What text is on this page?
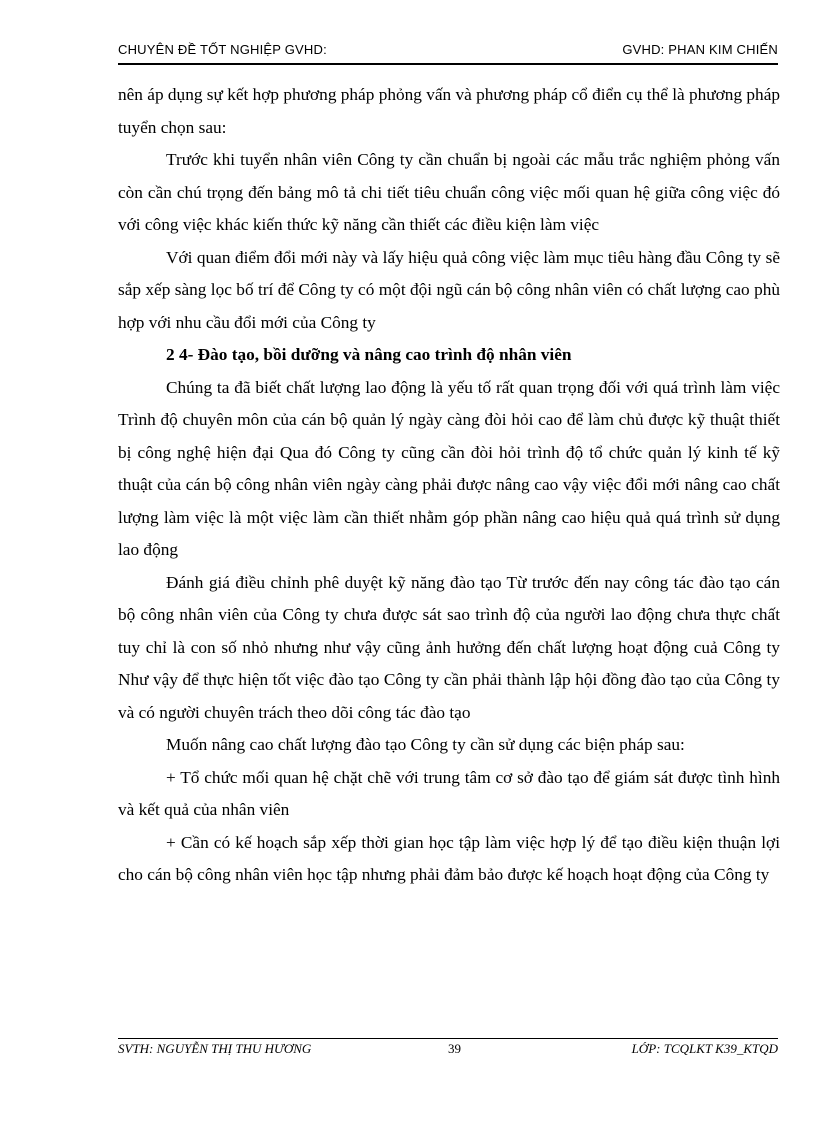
CHUYÊN ĐỀ TỐT NGHIỆP GVHD:	GVHD: PHAN KIM CHIẾN

nên áp dụng sự kết hợp phương pháp phỏng vấn và phương pháp cổ điển cụ thể là phương pháp tuyển chọn sau:

Trước khi tuyển nhân viên Công ty cần chuẩn bị ngoài các mẫu trắc nghiệm phỏng vấn còn cần chú trọng đến bảng mô tả chi tiết tiêu chuẩn công việc mối quan hệ giữa công việc đó với công việc khác kiến thức kỹ năng cần thiết các điều kiện làm việc

Với quan điểm đổi mới này và lấy hiệu quả công việc làm mục tiêu hàng đầu Công ty sẽ sắp xếp sàng lọc bố trí để Công ty có một đội ngũ cán bộ công nhân viên có chất lượng cao phù hợp với nhu cầu đổi mới của Công ty

2 4- Đào tạo, bồi dưỡng và nâng cao trình độ nhân viên

Chúng ta đã biết chất lượng lao động là yếu tố rất quan trọng đối với quá trình làm việc Trình độ chuyên môn của cán bộ quản lý ngày càng đòi hỏi cao để làm chủ được kỹ thuật thiết bị công nghệ hiện đại Qua đó Công ty cũng cần đòi hỏi trình độ tổ chức quản lý kinh tế kỹ thuật của cán bộ công nhân viên ngày càng phải được nâng cao vậy việc đổi mới nâng cao chất lượng làm việc là một việc làm cần thiết nhằm góp phần nâng cao hiệu quả quá trình sử dụng lao động

Đánh giá điều chỉnh phê duyệt kỹ năng đào tạo Từ trước đến nay công tác đào tạo cán bộ công nhân viên của Công ty chưa được sát sao trình độ của người lao động chưa thực chất tuy chỉ là con số nhỏ nhưng như vậy cũng ảnh hưởng đến chất lượng hoạt động cuả Công ty Như vậy để thực hiện tốt việc đào tạo Công ty cần phải thành lập hội đồng đào tạo của Công ty và có người chuyên trách theo dõi công tác đào tạo

Muốn nâng cao chất lượng đào tạo Công ty cần sử dụng các biện pháp sau:

+ Tổ chức mối quan hệ chặt chẽ với trung tâm cơ sở đào tạo để giám sát được tình hình và kết quả của nhân viên

+ Cần có kế hoạch sắp xếp thời gian học tập làm việc hợp lý để tạo điều kiện thuận lợi cho cán bộ công nhân viên học tập nhưng phải đảm bảo được kế hoạch hoạt động của Công ty

SVTH: NGUYỄN THỊ THU HƯƠNG	39	LỚP: TCQLKT K39_KTQD
